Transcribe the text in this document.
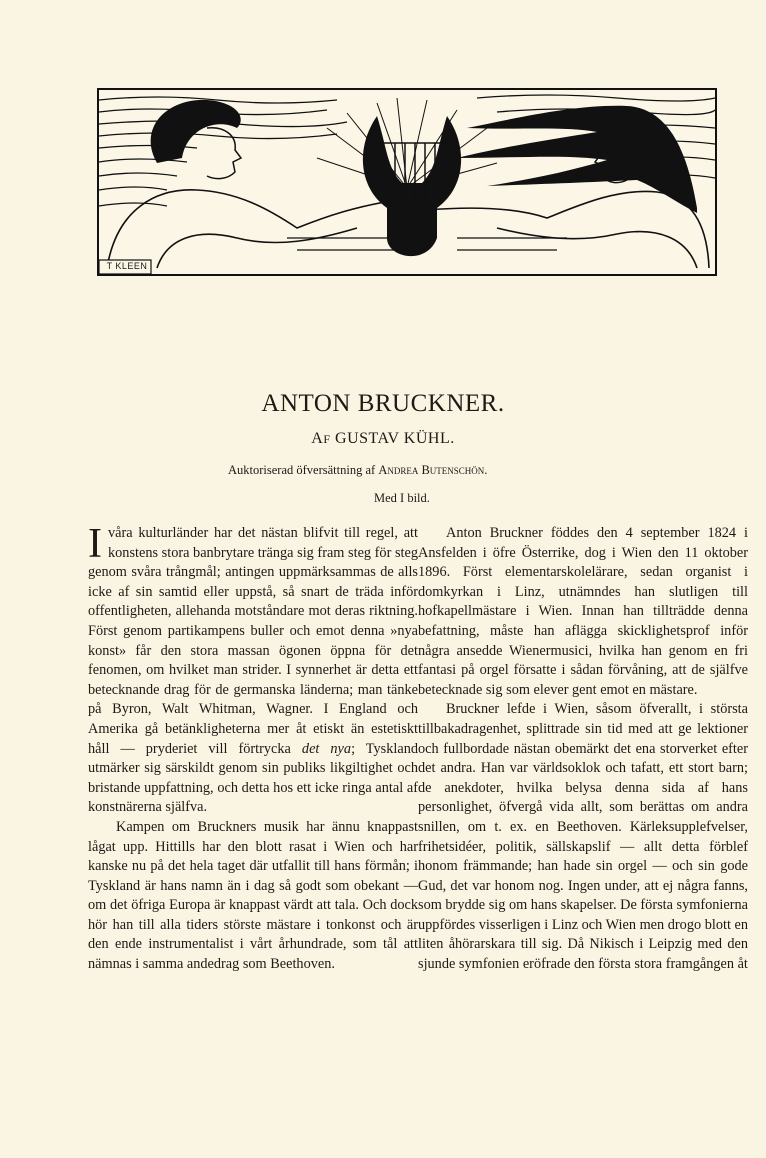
T KLEEN
ANTON BRUCKNER.
AF GUSTAV KÜHL.
Auktoriserad öfversättning af Andrea Butenschön.
Med I bild.

Ivåra kulturländer har det nästan blifvit till regel, att konstens stora banbrytare tränga sig fram steg för steg genom svåra trångmål; antingen uppmärksammas de alls icke af sin samtid eller uppstå, så snart de träda inför offentligheten, allehanda motståndare mot deras riktning. Först genom partikampens buller och emot denna »nya konst» får den stora massan ögonen öppna för det fenomen, om hvilket man strider. I synnerhet är detta ett betecknande drag för de germanska länderna; man tänke på Byron, Walt Whitman, Wagner. I England och Amerika gå betänkligheterna mer åt etiskt än estetiskt håll — pryderiet vill förtrycka det nya; Tyskland utmärker sig särskildt genom sin publiks likgiltighet och bristande uppfattning, och detta hos ett icke ringa antal af konstnärerna själfva.

Kampen om Bruckners musik har ännu knappast lågat upp. Hittills har den blott rasat i Wien och har kanske nu på det hela taget där utfallit till hans förmån; i Tyskland är hans namn än i dag så godt som obekant — om det öfriga Europa är knappast värdt att tala. Och dock hör han till alla tiders störste mästare i tonkonst och är den ende instrumentalist i vårt århundrade, som tål att nämnas i samma andedrag som Beethoven.

Anton Bruckner föddes den 4 september 1824 i Ansfelden i öfre Österrike, dog i Wien den 11 oktober 1896. Först elementarskolelärare, sedan organist i domkyrkan i Linz, utnämndes han slutligen till hofkapellmästare i Wien. Innan han tillträdde denna befattning, måste han aflägga skicklighetsprof inför några ansedde Wienermusici, hvilka han genom en fri fantasi på orgel försatte i sådan förvåning, att de själfve betecknade sig som elever gent emot en mästare.

Bruckner lefde i Wien, såsom öfverallt, i största tillbakadragenhet, splittrade sin tid med att ge lektioner och fullbordade nästan obemärkt det ena storverket efter det andra. Han var världsoklok och tafatt, ett stort barn; de anekdoter, hvilka belysa denna sida af hans personlighet, öfvergå vida allt, som berättas om andra snillen, om t. ex. en Beethoven. Kärleksupplefvelser, frihetsidéer, politik, sällskapslif — allt detta förblef honom främmande; han hade sin orgel — och sin gode Gud, det var honom nog. Ingen under, att ej några fanns, som brydde sig om hans skapelser. De första symfonierna uppfördes visserligen i Linz och Wien men drogo blott en liten åhörarskara till sig. Då Nikisch i Leipzig med den sjunde symfonien eröfrade den första stora framgången åt
